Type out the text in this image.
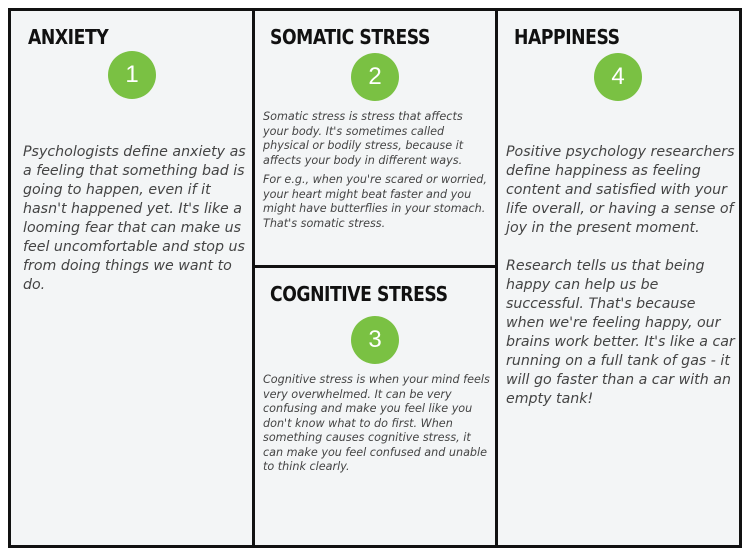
ANXIETY
1

Psychologists define anxiety as a feeling that something bad is going to happen, even if it hasn't happened yet. It's like a looming fear that can make us feel uncomfortable and stop us from doing things we want to do.

SOMATIC STRESS
2

Somatic stress is stress that affects your body. It's sometimes called physical or bodily stress, because it affects your body in different ways.

For e.g., when you're scared or worried, your heart might beat faster and you might have butterflies in your stomach. That's somatic stress.

COGNITIVE STRESS
3

Cognitive stress is when your mind feels very overwhelmed. It can be very confusing and make you feel like you don't know what to do first. When something causes cognitive stress, it can make you feel confused and unable to think clearly.

HAPPINESS
4

Positive psychology researchers define happiness as feeling content and satisfied with your life overall, or having a sense of joy in the present moment.

Research tells us that being happy can help us be successful. That's because when we're feeling happy, our brains work better. It's like a car running on a full tank of gas - it will go faster than a car with an empty tank!
